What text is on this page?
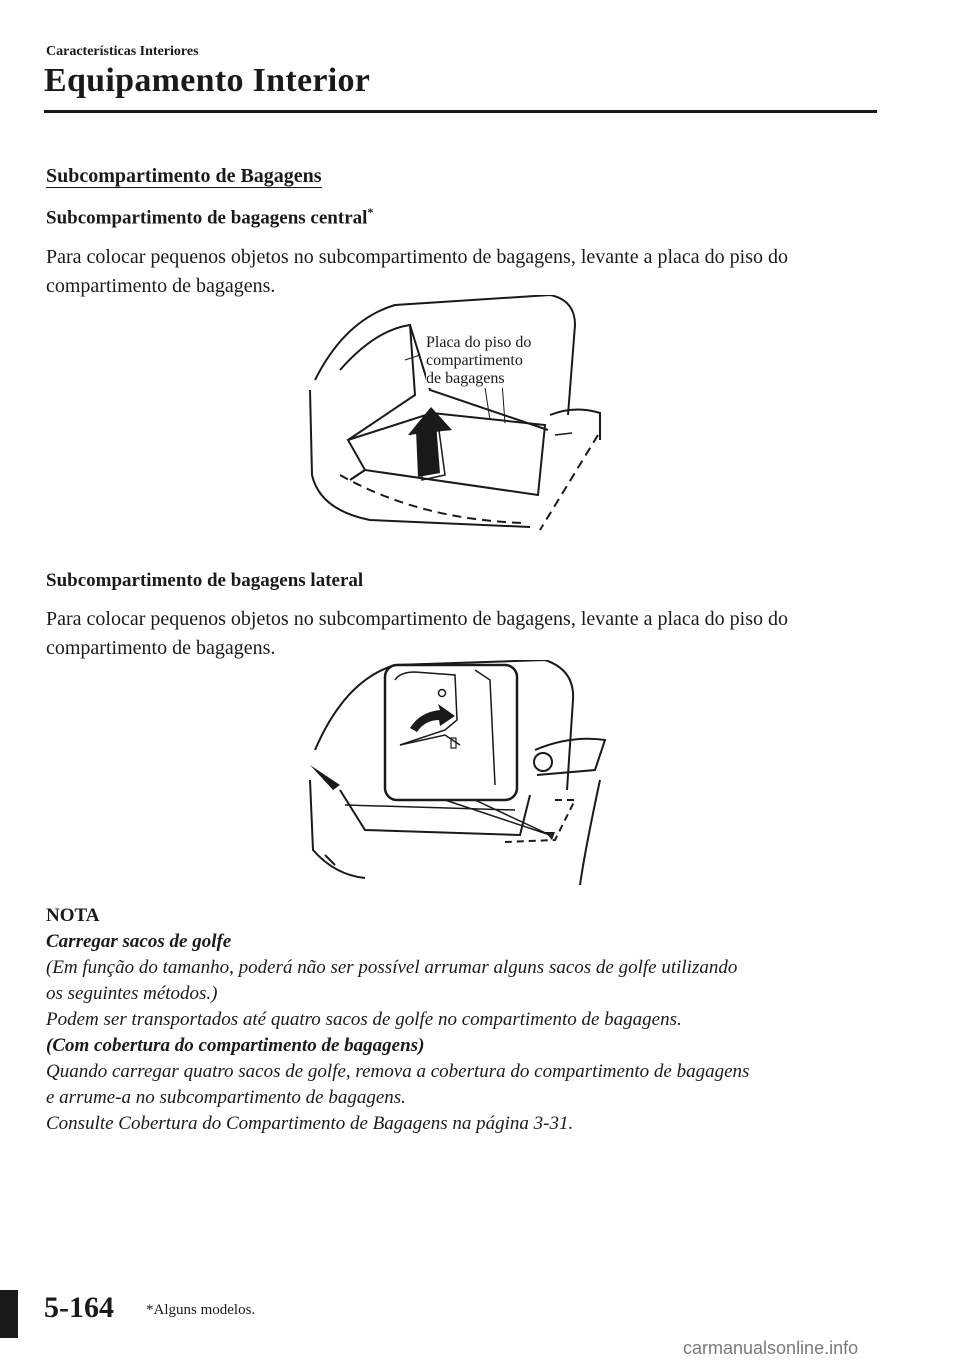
Características Interiores
Equipamento Interior
Subcompartimento de Bagagens
Subcompartimento de bagagens central*
Para colocar pequenos objetos no subcompartimento de bagagens, levante a placa do piso do
compartimento de bagagens.
Placa do piso do
compartimento
de bagagens
Subcompartimento de bagagens lateral
Para colocar pequenos objetos no subcompartimento de bagagens, levante a placa do piso do
compartimento de bagagens.
NOTA
Carregar sacos de golfe
(Em função do tamanho, poderá não ser possível arrumar alguns sacos de golfe utilizando
os seguintes métodos.)
Podem ser transportados até quatro sacos de golfe no compartimento de bagagens.
(Com cobertura do compartimento de bagagens)
Quando carregar quatro sacos de golfe, remova a cobertura do compartimento de bagagens
e arrume-a no subcompartimento de bagagens.
Consulte Cobertura do Compartimento de Bagagens na página 3-31.
5-164 *Alguns modelos.
carmanualsonline.info
